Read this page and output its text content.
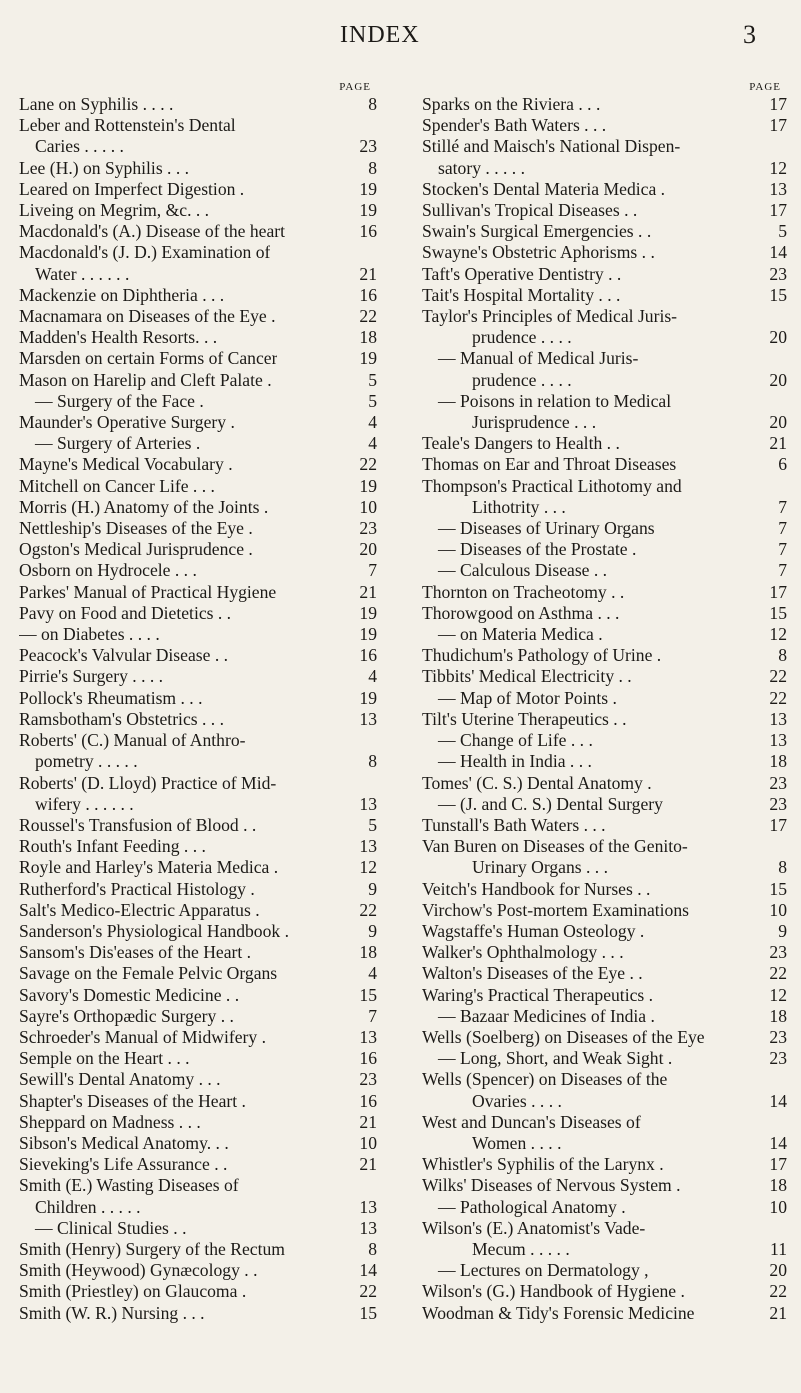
INDEX	3
PAGE
Lane on Syphilis . . . .	8
Leber and Rottenstein's Dental
Caries . . . . .	23
Lee (H.) on Syphilis . . .	8
Leared on Imperfect Digestion .	19
Liveing on Megrim, &c. . .	19
Macdonald's (A.) Disease of the heart	16
Macdonald's (J. D.) Examination of
Water . . . . . .	21
Mackenzie on Diphtheria . . .	16
Macnamara on Diseases of the Eye .	22
Madden's Health Resorts. . .	18
Marsden on certain Forms of Cancer	19
Mason on Harelip and Cleft Palate .	5
— Surgery of the Face .	5
Maunder's Operative Surgery .	4
— Surgery of Arteries .	4
Mayne's Medical Vocabulary .	22
Mitchell on Cancer Life . . .	19
Morris (H.) Anatomy of the Joints .	10
Nettleship's Diseases of the Eye .	23
Ogston's Medical Jurisprudence .	20
Osborn on Hydrocele . . .	7
Parkes' Manual of Practical Hygiene	21
Pavy on Food and Dietetics . .	19
— on Diabetes . . . .	19
Peacock's Valvular Disease . .	16
Pirrie's Surgery . . . .	4
Pollock's Rheumatism . . .	19
Ramsbotham's Obstetrics . . .	13
Roberts' (C.) Manual of Anthro-
pometry . . . . .	8
Roberts' (D. Lloyd) Practice of Mid-
wifery . . . . . .	13
Roussel's Transfusion of Blood . .	5
Routh's Infant Feeding . . .	13
Royle and Harley's Materia Medica .	12
Rutherford's Practical Histology .	9
Salt's Medico-Electric Apparatus .	22
Sanderson's Physiological Handbook .	9
Sansom's Dis'eases of the Heart .	18
Savage on the Female Pelvic Organs	4
Savory's Domestic Medicine . .	15
Sayre's Orthopædic Surgery . .	7
Schroeder's Manual of Midwifery .	13
Semple on the Heart . . .	16
Sewill's Dental Anatomy . . .	23
Shapter's Diseases of the Heart .	16
Sheppard on Madness . . .	21
Sibson's Medical Anatomy. . .	10
Sieveking's Life Assurance . .	21
Smith (E.) Wasting Diseases of
Children . . . . .	13
— Clinical Studies . .	13
Smith (Henry) Surgery of the Rectum	8
Smith (Heywood) Gynæcology . .	14
Smith (Priestley) on Glaucoma .	22
Smith (W. R.) Nursing . . .	15
PAGE
Sparks on the Riviera . . .	17
Spender's Bath Waters . . .	17
Stillé and Maisch's National Dispen-
satory . . . . .	12
Stocken's Dental Materia Medica .	13
Sullivan's Tropical Diseases . .	17
Swain's Surgical Emergencies . .	5
Swayne's Obstetric Aphorisms . .	14
Taft's Operative Dentistry . .	23
Tait's Hospital Mortality . . .	15
Taylor's Principles of Medical Juris-
prudence . . . .	20
— Manual of Medical Juris-
prudence . . . .	20
— Poisons in relation to Medical
Jurisprudence . . .	20
Teale's Dangers to Health . .	21
Thomas on Ear and Throat Diseases	6
Thompson's Practical Lithotomy and
Lithotrity . . .	7
— Diseases of Urinary Organs	7
— Diseases of the Prostate .	7
— Calculous Disease . .	7
Thornton on Tracheotomy . .	17
Thorowgood on Asthma . . .	15
— on Materia Medica .	12
Thudichum's Pathology of Urine .	8
Tibbits' Medical Electricity . .	22
— Map of Motor Points .	22
Tilt's Uterine Therapeutics . .	13
— Change of Life . . .	13
— Health in India . . .	18
Tomes' (C. S.) Dental Anatomy .	23
— (J. and C. S.) Dental Surgery	23
Tunstall's Bath Waters . . .	17
Van Buren on Diseases of the Genito-
Urinary Organs . . .	8
Veitch's Handbook for Nurses . .	15
Virchow's Post-mortem Examinations	10
Wagstaffe's Human Osteology .	9
Walker's Ophthalmology . . .	23
Walton's Diseases of the Eye . .	22
Waring's Practical Therapeutics .	12
— Bazaar Medicines of India .	18
Wells (Soelberg) on Diseases of the Eye	23
— Long, Short, and Weak Sight .	23
Wells (Spencer) on Diseases of the
Ovaries . . . .	14
West and Duncan's Diseases of
Women . . . .	14
Whistler's Syphilis of the Larynx .	17
Wilks' Diseases of Nervous System .	18
— Pathological Anatomy .	10
Wilson's (E.) Anatomist's Vade-
Mecum . . . . .	11
— Lectures on Dermatology ,	20
Wilson's (G.) Handbook of Hygiene .	22
Woodman & Tidy's Forensic Medicine	21
